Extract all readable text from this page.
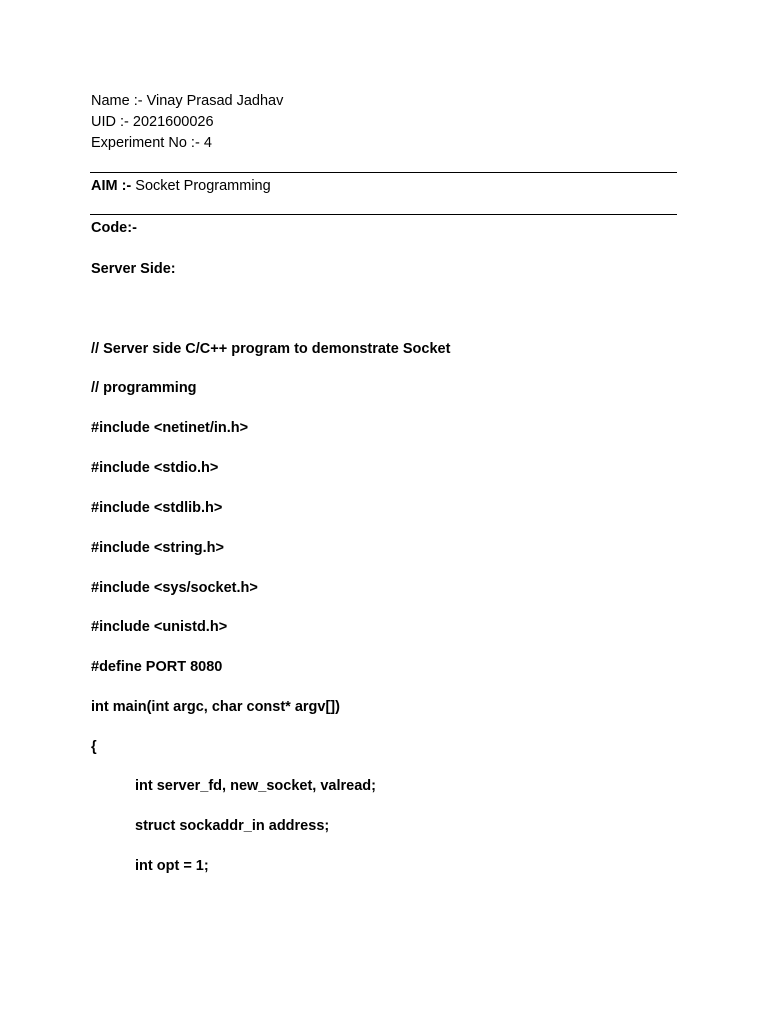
Name :- Vinay Prasad Jadhav
UID :- 2021600026
Experiment No :- 4
AIM :- Socket Programming
Code:-
Server Side:
// Server side C/C++ program to demonstrate Socket
// programming
#include <netinet/in.h>
#include <stdio.h>
#include <stdlib.h>
#include <string.h>
#include <sys/socket.h>
#include <unistd.h>
#define PORT 8080
int main(int argc, char const* argv[])
{
int server_fd, new_socket, valread;
struct sockaddr_in address;
int opt = 1;
